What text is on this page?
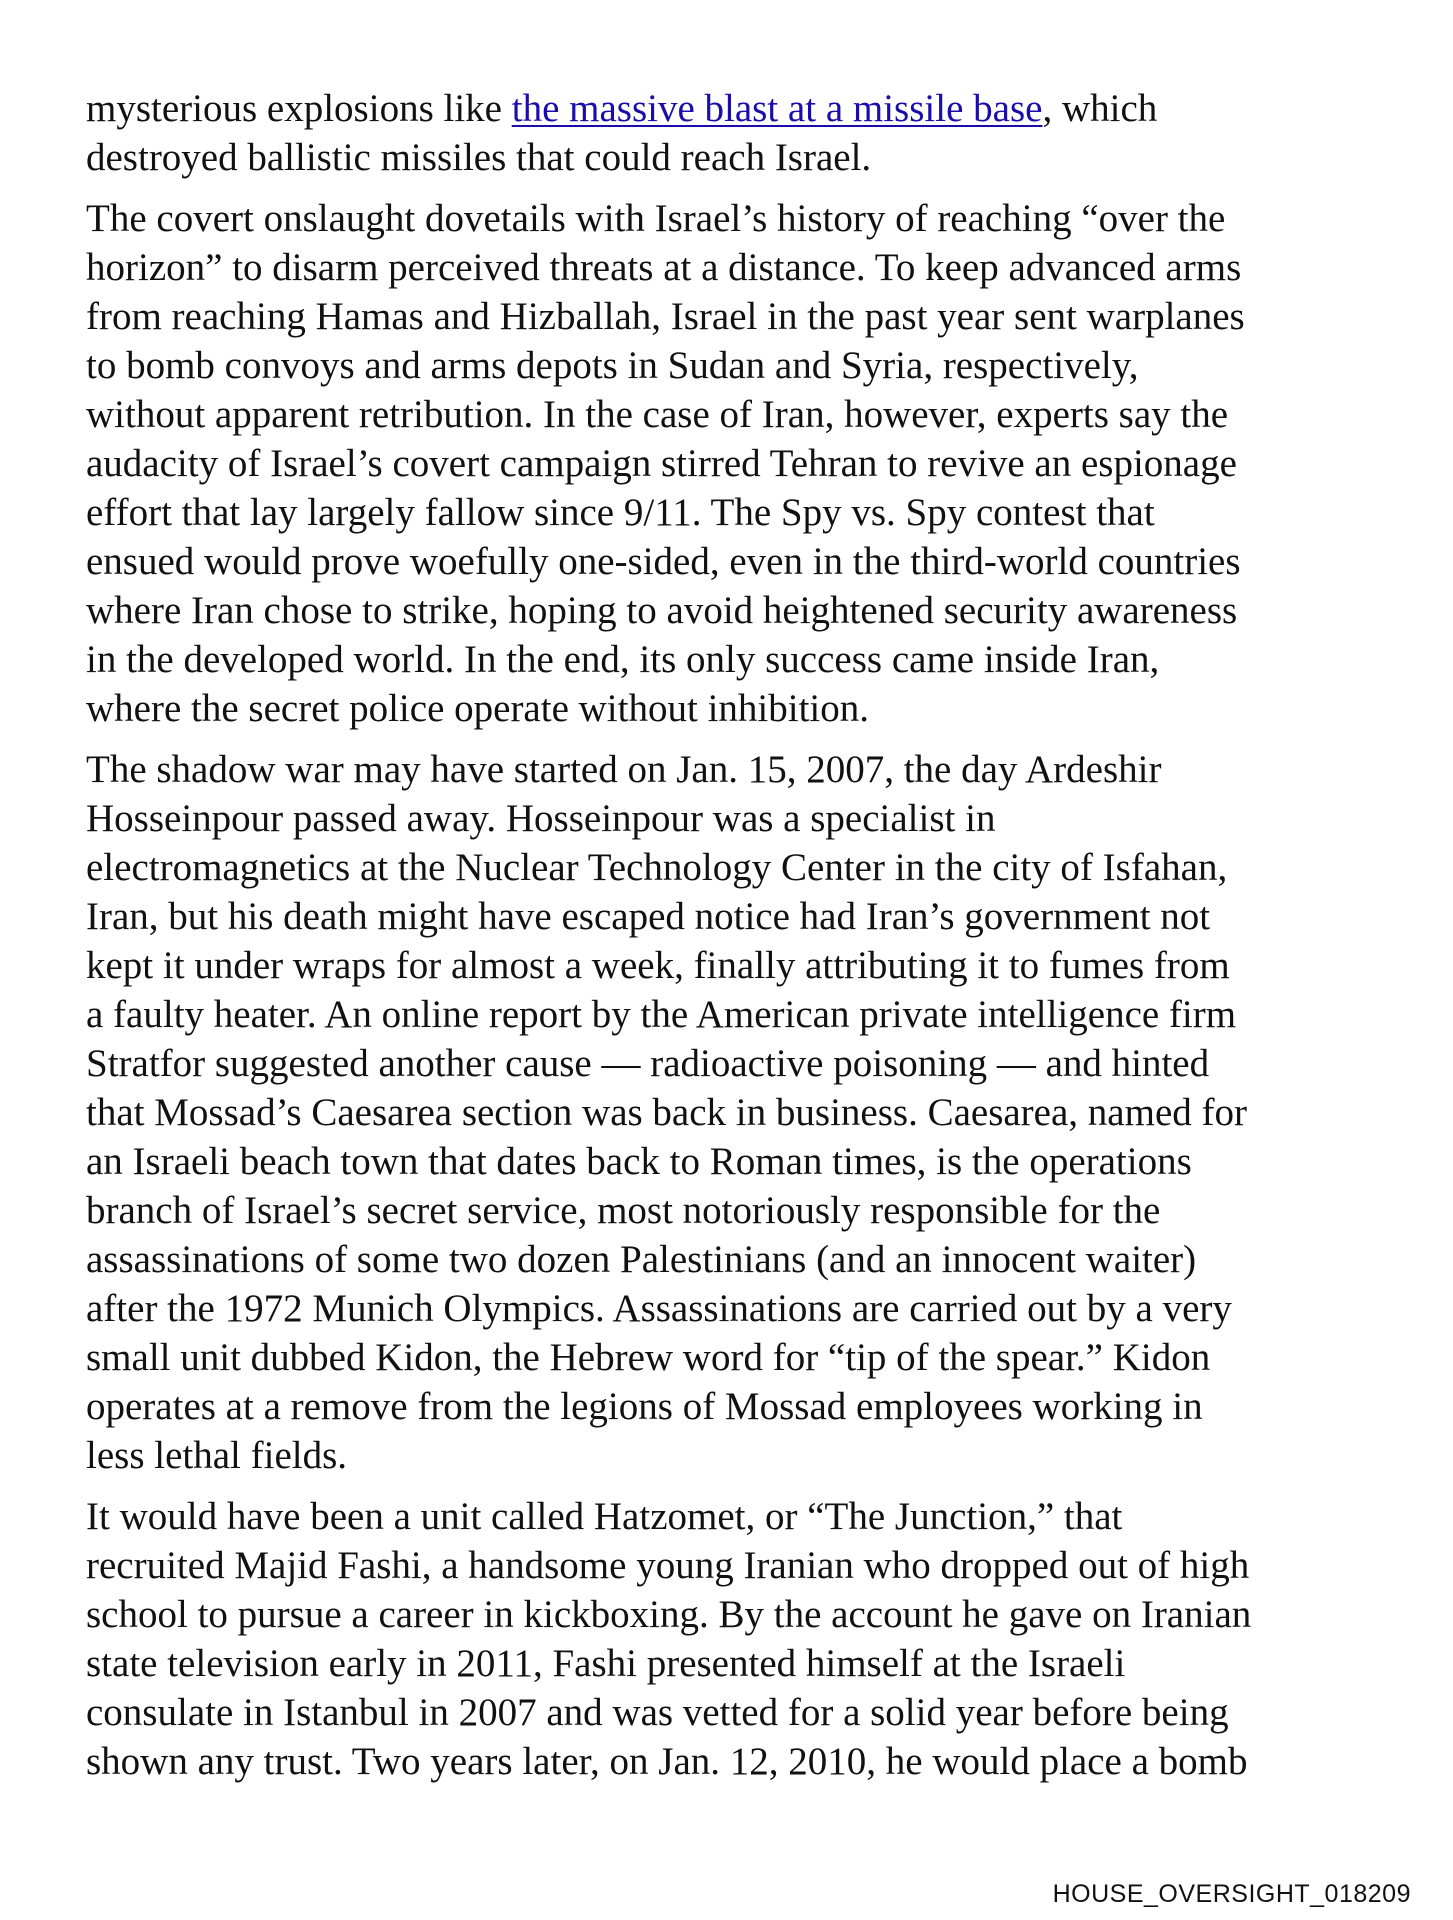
mysterious explosions like the massive blast at a missile base, which
destroyed ballistic missiles that could reach Israel.

The covert onslaught dovetails with Israel’s history of reaching “over the
horizon” to disarm perceived threats at a distance. To keep advanced arms
from reaching Hamas and Hizballah, Israel in the past year sent warplanes
to bomb convoys and arms depots in Sudan and Syria, respectively,
without apparent retribution. In the case of Iran, however, experts say the
audacity of Israel’s covert campaign stirred Tehran to revive an espionage
effort that lay largely fallow since 9/11. The Spy vs. Spy contest that
ensued would prove woefully one-sided, even in the third-world countries
where Iran chose to strike, hoping to avoid heightened security awareness
in the developed world. In the end, its only success came inside Iran,
where the secret police operate without inhibition.

The shadow war may have started on Jan. 15, 2007, the day Ardeshir
Hosseinpour passed away. Hosseinpour was a specialist in
electromagnetics at the Nuclear Technology Center in the city of Isfahan,
Iran, but his death might have escaped notice had Iran’s government not
kept it under wraps for almost a week, finally attributing it to fumes from
a faulty heater. An online report by the American private intelligence firm
Stratfor suggested another cause — radioactive poisoning — and hinted
that Mossad’s Caesarea section was back in business. Caesarea, named for
an Israeli beach town that dates back to Roman times, is the operations
branch of Israel’s secret service, most notoriously responsible for the
assassinations of some two dozen Palestinians (and an innocent waiter)
after the 1972 Munich Olympics. Assassinations are carried out by a very
small unit dubbed Kidon, the Hebrew word for “tip of the spear.” Kidon
operates at a remove from the legions of Mossad employees working in
less lethal fields.

It would have been a unit called Hatzomet, or “The Junction,” that
recruited Majid Fashi, a handsome young Iranian who dropped out of high
school to pursue a career in kickboxing. By the account he gave on Iranian
state television early in 2011, Fashi presented himself at the Israeli
consulate in Istanbul in 2007 and was vetted for a solid year before being
shown any trust. Two years later, on Jan. 12, 2010, he would place a bomb

HOUSE_OVERSIGHT_018209
